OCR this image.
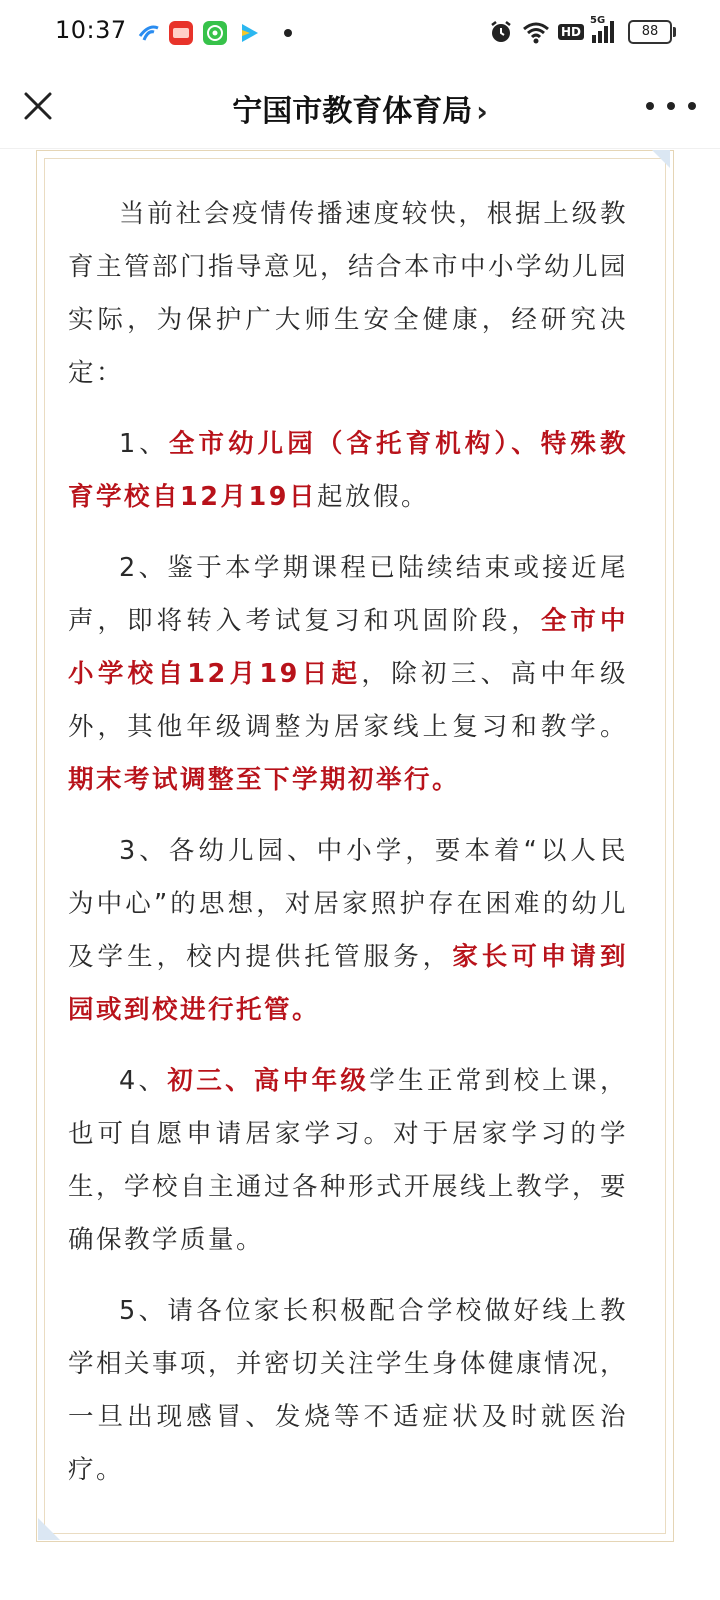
10:37	HD
5G
88
宁国市教育体育局 ›

当前社会疫情传播速度较快，根据上级教育主管部门指导意见，结合本市中小学幼儿园实际，为保护广大师生安全健康，经研究决定：

1、全市幼儿园（含托育机构）、特殊教育学校自12月19日起放假。

2、鉴于本学期课程已陆续结束或接近尾声，即将转入考试复习和巩固阶段，全市中小学校自12月19日起，除初三、高中年级外，其他年级调整为居家线上复习和教学。期末考试调整至下学期初举行。

3、各幼儿园、中小学，要本着“以人民为中心”的思想，对居家照护存在困难的幼儿及学生，校内提供托管服务，家长可申请到园或到校进行托管。

4、初三、高中年级学生正常到校上课，也可自愿申请居家学习。对于居家学习的学生，学校自主通过各种形式开展线上教学，要确保教学质量。

5、请各位家长积极配合学校做好线上教学相关事项，并密切关注学生身体健康情况，一旦出现感冒、发烧等不适症状及时就医治疗。
